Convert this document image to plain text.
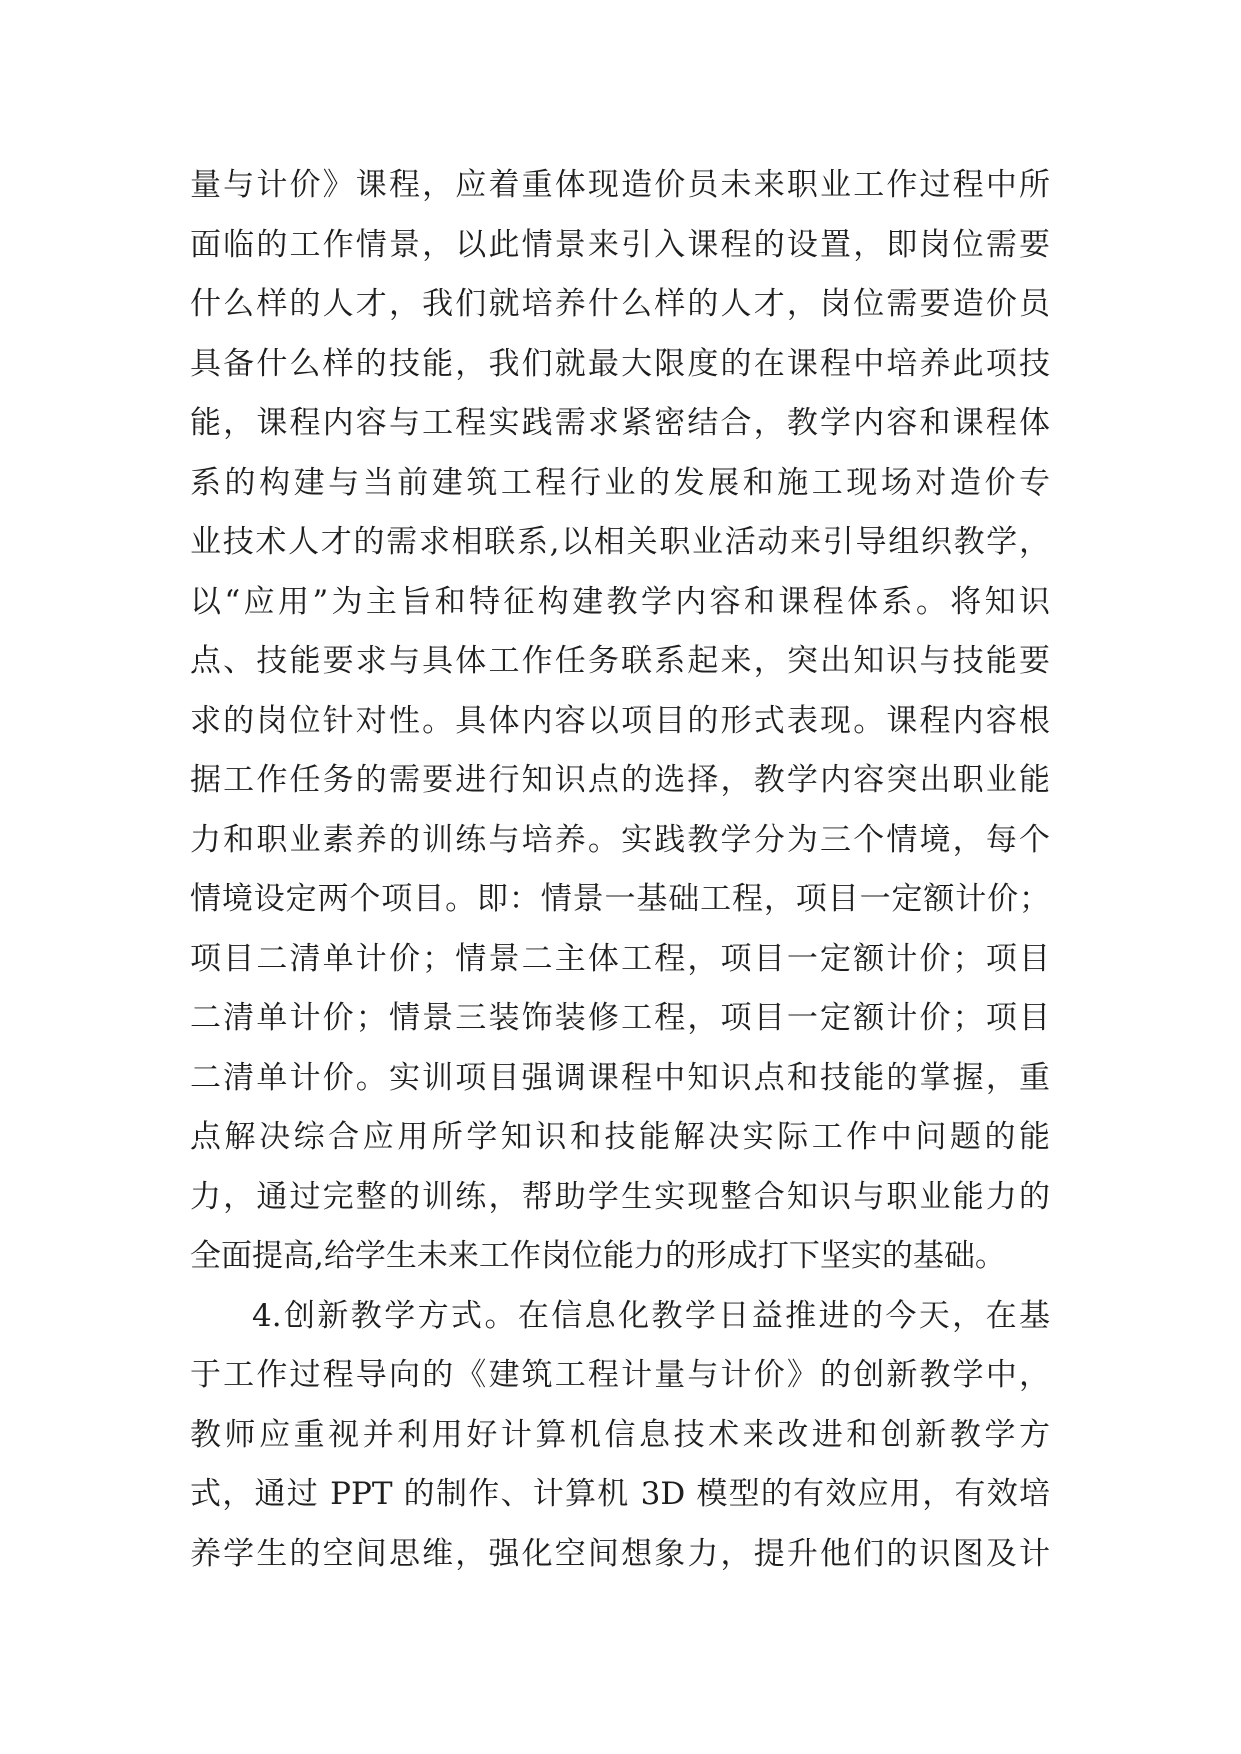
量与计价》课程，应着重体现造价员未来职业工作过程中所
面临的工作情景，以此情景来引入课程的设置，即岗位需要
什么样的人才，我们就培养什么样的人才，岗位需要造价员
具备什么样的技能，我们就最大限度的在课程中培养此项技
能，课程内容与工程实践需求紧密结合，教学内容和课程体
系的构建与当前建筑工程行业的发展和施工现场对造价专
业技术人才的需求相联系,以相关职业活动来引导组织教学，
以“应用”为主旨和特征构建教学内容和课程体系。将知识
点、技能要求与具体工作任务联系起来，突出知识与技能要
求的岗位针对性。具体内容以项目的形式表现。课程内容根
据工作任务的需要进行知识点的选择，教学内容突出职业能
力和职业素养的训练与培养。实践教学分为三个情境，每个
情境设定两个项目。即：情景一基础工程，项目一定额计价；
项目二清单计价；情景二主体工程，项目一定额计价；项目
二清单计价；情景三装饰装修工程，项目一定额计价；项目
二清单计价。实训项目强调课程中知识点和技能的掌握，重
点解决综合应用所学知识和技能解决实际工作中问题的能
力，通过完整的训练，帮助学生实现整合知识与职业能力的
全面提高,给学生未来工作岗位能力的形成打下坚实的基础。
4.创新教学方式。在信息化教学日益推进的今天，在基
于工作过程导向的《建筑工程计量与计价》的创新教学中，
教师应重视并利用好计算机信息技术来改进和创新教学方
式，通过 PPT 的制作、计算机 3D 模型的有效应用，有效培
养学生的空间思维，强化空间想象力，提升他们的识图及计
